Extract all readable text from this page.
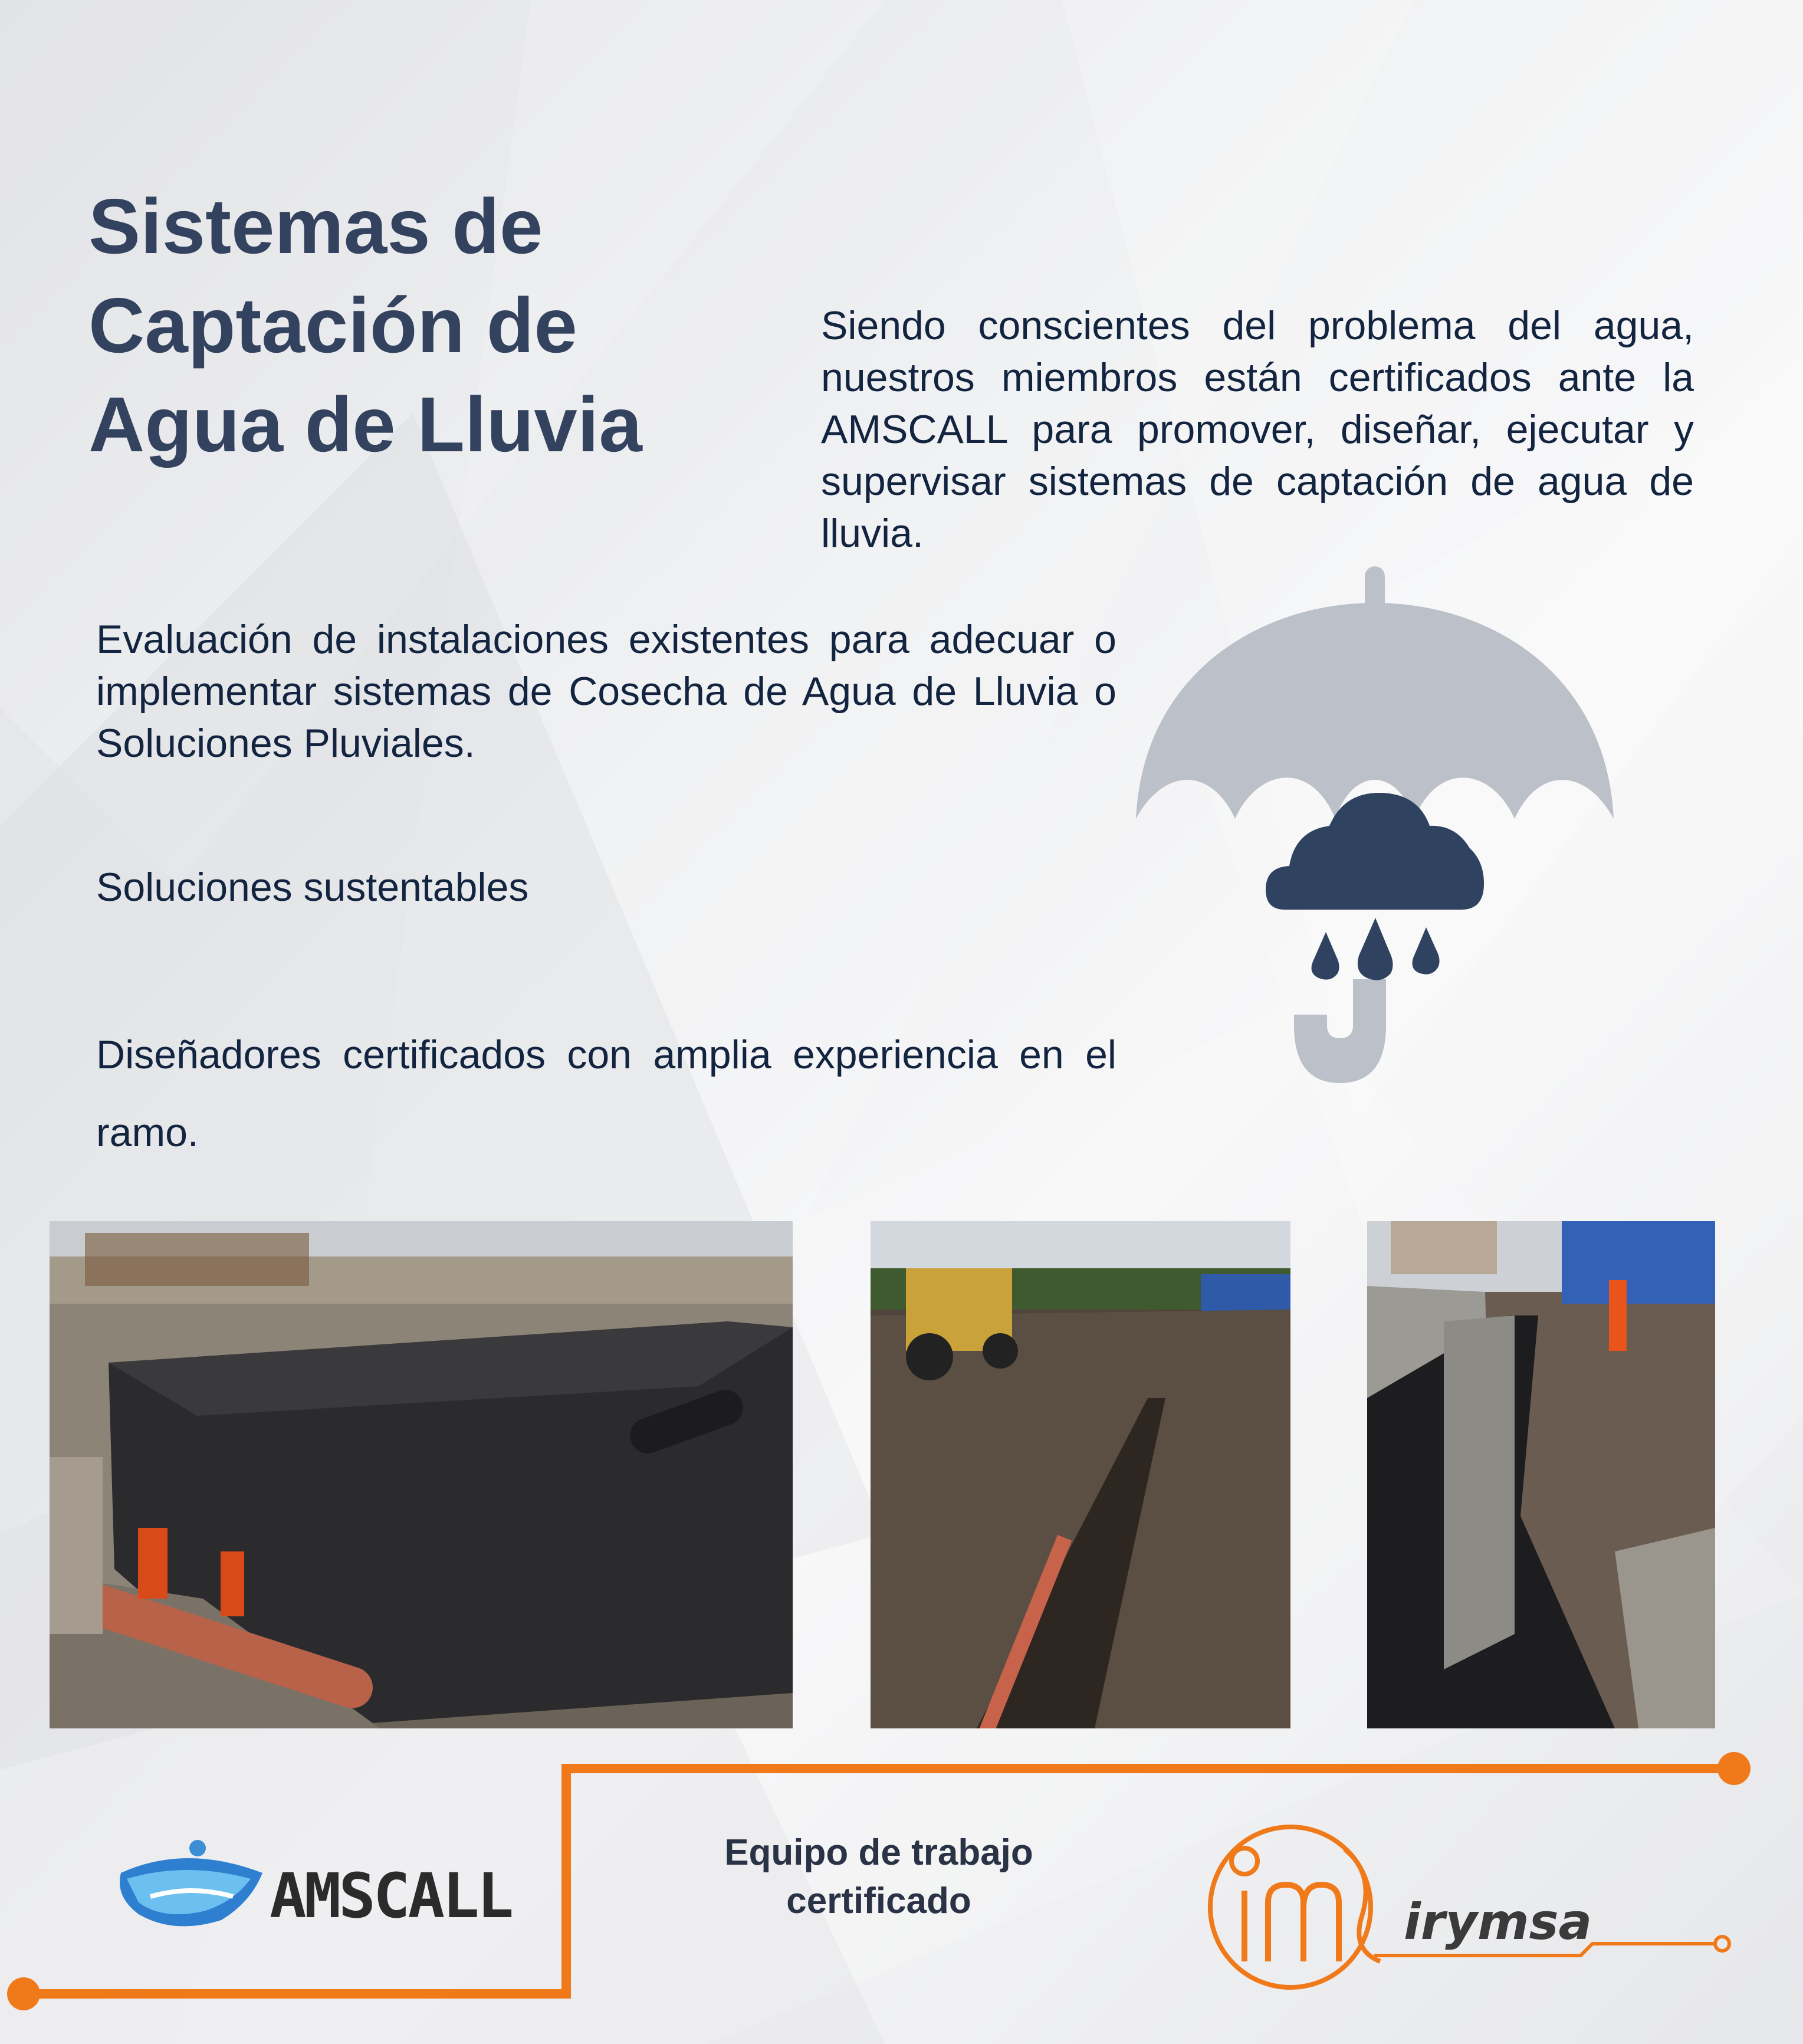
Sistemas de
Captación de
Agua de Lluvia

Siendo conscientes del problema del agua, nuestros miembros están certificados ante la AMSCALL para promover, diseñar, ejecutar y supervisar sistemas de captación de agua de lluvia.

Evaluación de instalaciones existentes para adecuar o implementar sistemas de Cosecha de Agua de Lluvia o Soluciones Pluviales.

Soluciones sustentables

Diseñadores certificados con amplia experiencia en el ramo.

Equipo de trabajo
certificado
AMSCALL	irymsa
